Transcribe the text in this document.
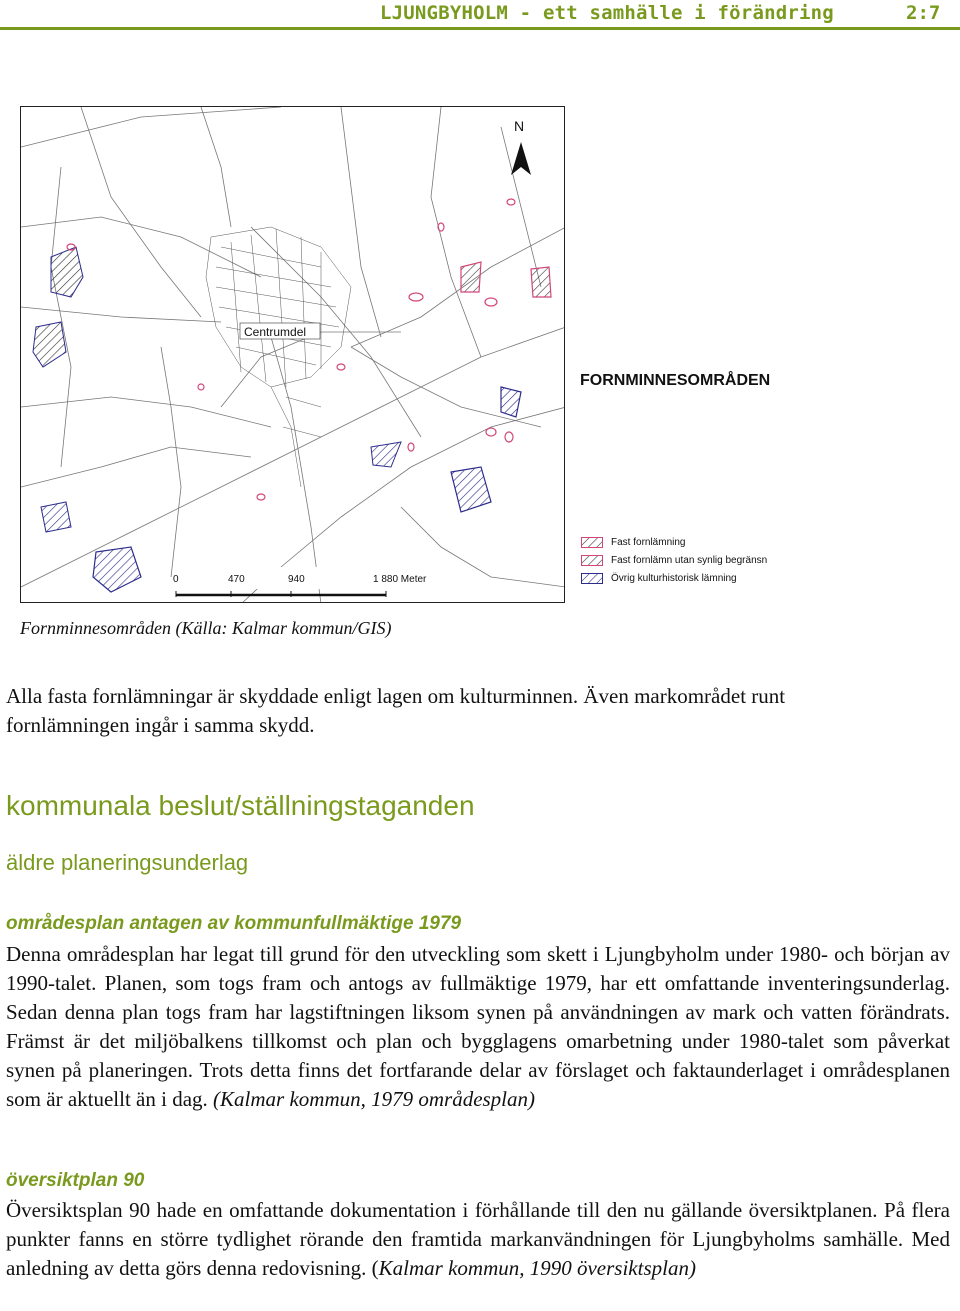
LJUNGBYHOLM - ett samhälle i förändring	2:7
N
Centrumdel
0	470	940	1 880 Meter
FORNMINNESOMRÅDEN
Fast fornlämning
Fast fornlämn utan synlig begränsn
Övrig kulturhistorisk lämning
Fornminnesområden (Källa: Kalmar kommun/GIS)
Alla fasta fornlämningar är skyddade enligt lagen om kulturminnen. Även markområdet runt
fornlämningen ingår i samma skydd.
kommunala beslut/ställningstaganden
äldre planeringsunderlag
områdesplan antagen av kommunfullmäktige 1979
Denna områdesplan har legat till grund för den utveckling som skett i Ljungbyholm under 1980- och början av 1990-talet. Planen, som togs fram och antogs av fullmäktige 1979, har ett omfattande inventeringsunderlag. Sedan denna plan togs fram har lagstiftningen liksom synen på användningen av mark och vatten förändrats. Främst är det miljöbalkens tillkomst och plan och bygglagens omarbetning under 1980-talet som påverkat synen på planeringen. Trots detta finns det fortfarande delar av förslaget och faktaunderlaget i områdesplanen som är aktuellt än i dag. (Kalmar kommun, 1979 områdesplan)
översiktplan 90
Översiktsplan 90 hade en omfattande dokumentation i förhållande till den nu gällande översiktplanen. På flera punkter fanns en större tydlighet rörande den framtida markanvändningen för Ljungbyholms samhälle. Med anledning av detta görs denna redovisning. (Kalmar kommun, 1990 översiktsplan)
